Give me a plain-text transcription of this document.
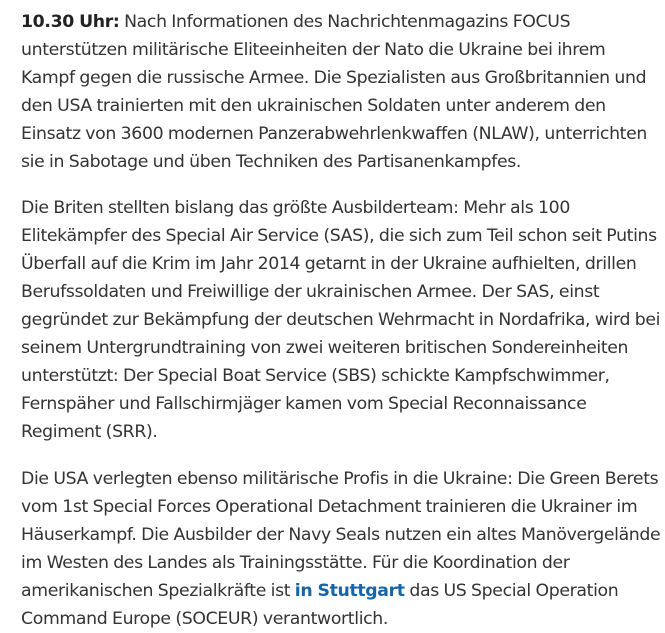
10.30 Uhr: Nach Informationen des Nachrichtenmagazins FOCUS unterstützen militärische Eliteeinheiten der Nato die Ukraine bei ihrem Kampf gegen die russische Armee. Die Spezialisten aus Großbritannien und den USA trainierten mit den ukrainischen Soldaten unter anderem den Einsatz von 3600 modernen Panzerabwehrlenkwaffen (NLAW), unterrichten sie in Sabotage und üben Techniken des Partisanenkampfes.

Die Briten stellten bislang das größte Ausbilderteam: Mehr als 100 Elitekämpfer des Special Air Service (SAS), die sich zum Teil schon seit Putins Überfall auf die Krim im Jahr 2014 getarnt in der Ukraine aufhielten, drillen Berufssoldaten und Freiwillige der ukrainischen Armee. Der SAS, einst gegründet zur Bekämpfung der deutschen Wehrmacht in Nordafrika, wird bei seinem Untergrundtraining von zwei weiteren britischen Sondereinheiten unterstützt: Der Special Boat Service (SBS) schickte Kampfschwimmer, Fernspäher und Fallschirmjäger kamen vom Special Reconnaissance Regiment (SRR).

Die USA verlegten ebenso militärische Profis in die Ukraine: Die Green Berets vom 1st Special Forces Operational Detachment trainieren die Ukrainer im Häuserkampf. Die Ausbilder der Navy Seals nutzen ein altes Manövergelände im Westen des Landes als Trainingsstätte. Für die Koordination der amerikanischen Spezialkräfte ist in Stuttgart das US Special Operation Command Europe (SOCEUR) verantwortlich.
